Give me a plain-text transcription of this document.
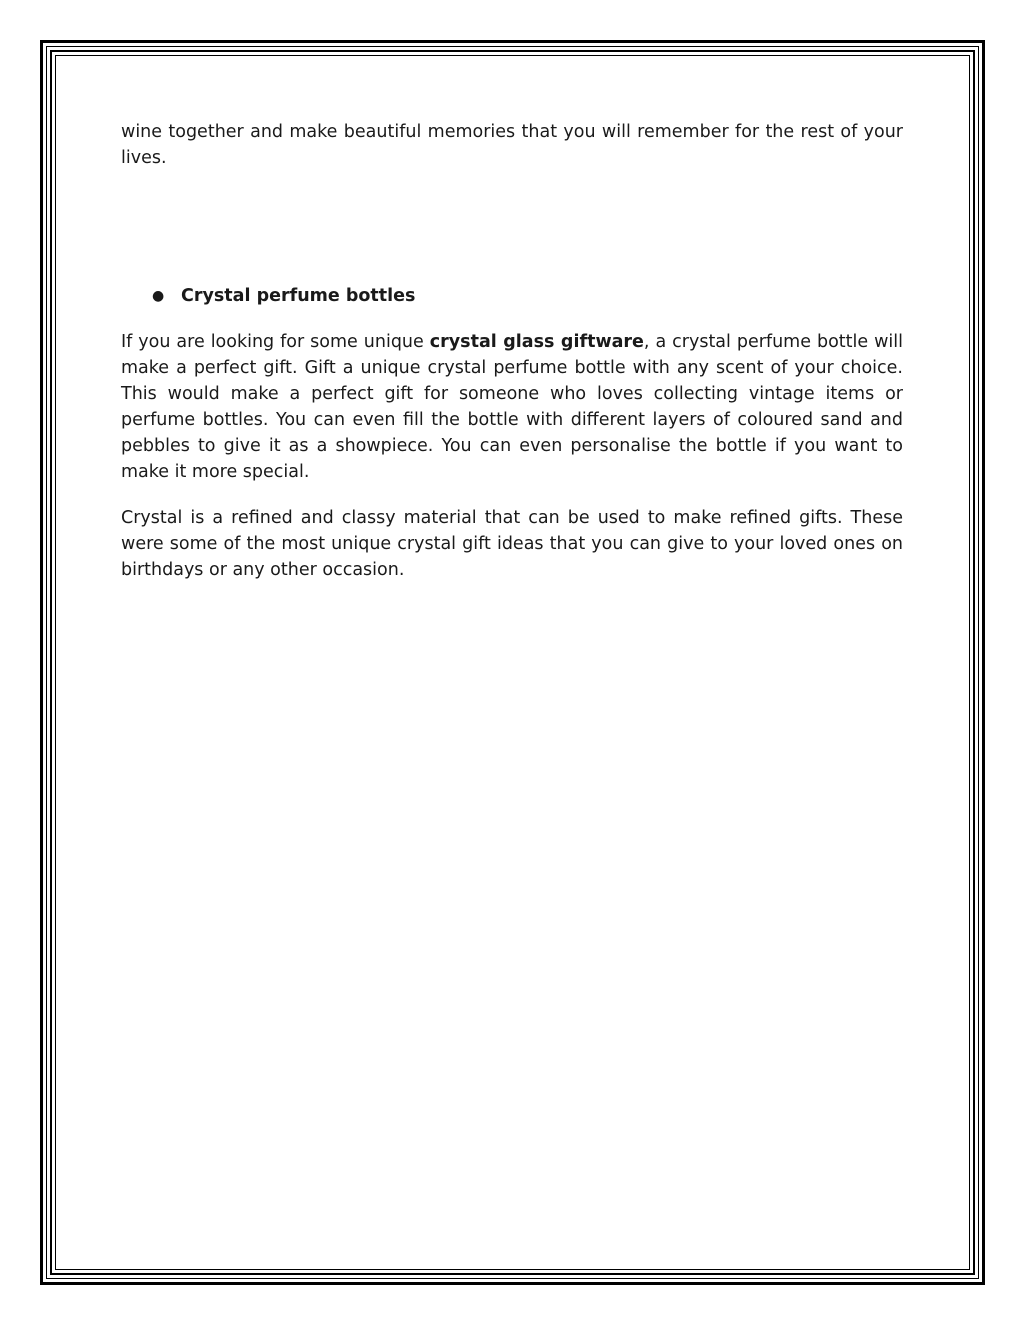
wine together and make beautiful memories that you will remember for the rest of your lives.

● Crystal perfume bottles

If you are looking for some unique crystal glass giftware, a crystal perfume bottle will make a perfect gift. Gift a unique crystal perfume bottle with any scent of your choice. This would make a perfect gift for someone who loves collecting vintage items or perfume bottles. You can even fill the bottle with different layers of coloured sand and pebbles to give it as a showpiece. You can even personalise the bottle if you want to make it more special.

Crystal is a refined and classy material that can be used to make refined gifts. These were some of the most unique crystal gift ideas that you can give to your loved ones on birthdays or any other occasion.
